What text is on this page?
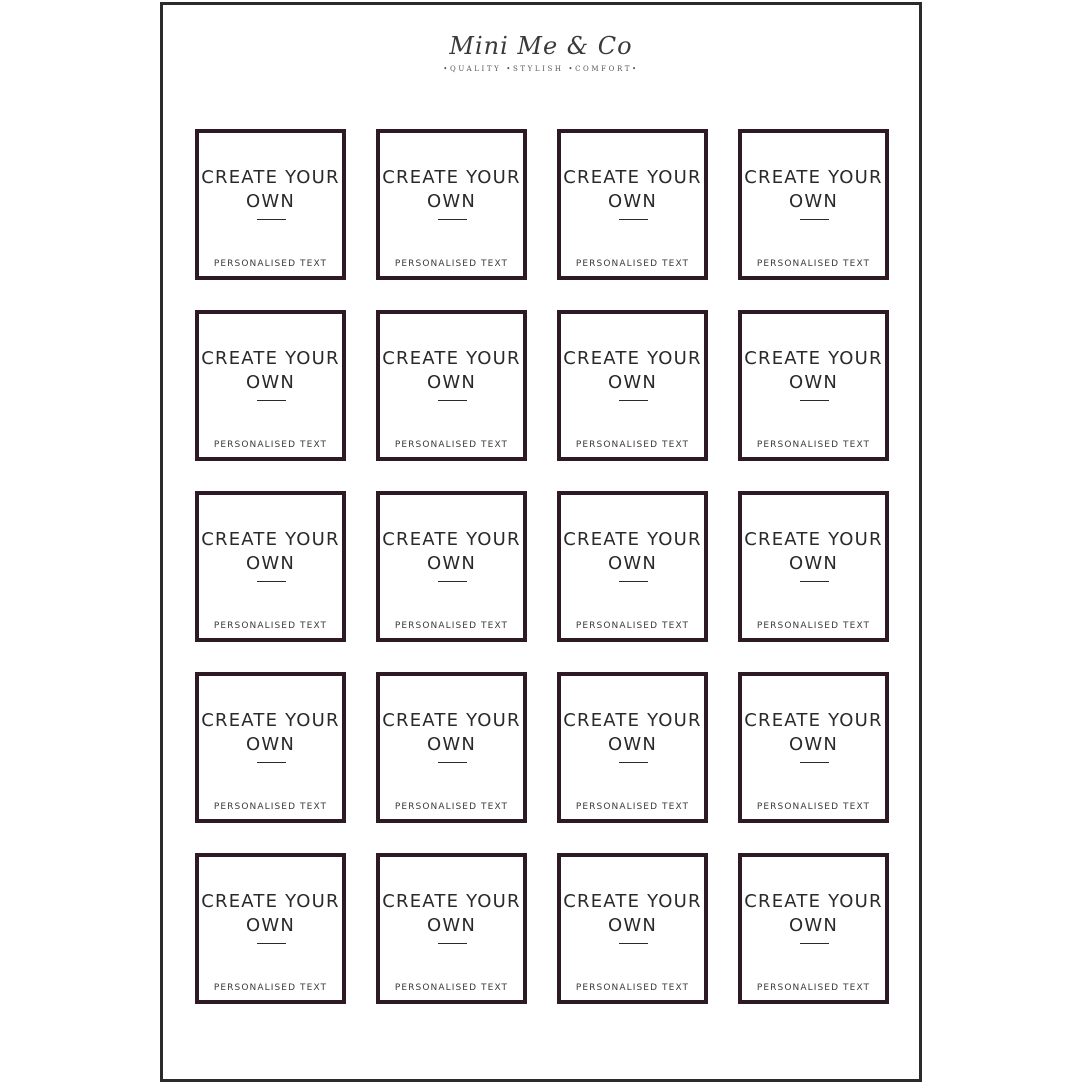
Mini Me & Co
•QUALITY •STYLISH •COMFORT•
CREATE YOUR
OWN
PERSONALISED TEXT
CREATE YOUR
OWN
PERSONALISED TEXT
CREATE YOUR
OWN
PERSONALISED TEXT
CREATE YOUR
OWN
PERSONALISED TEXT
CREATE YOUR
OWN
PERSONALISED TEXT
CREATE YOUR
OWN
PERSONALISED TEXT
CREATE YOUR
OWN
PERSONALISED TEXT
CREATE YOUR
OWN
PERSONALISED TEXT
CREATE YOUR
OWN
PERSONALISED TEXT
CREATE YOUR
OWN
PERSONALISED TEXT
CREATE YOUR
OWN
PERSONALISED TEXT
CREATE YOUR
OWN
PERSONALISED TEXT
CREATE YOUR
OWN
PERSONALISED TEXT
CREATE YOUR
OWN
PERSONALISED TEXT
CREATE YOUR
OWN
PERSONALISED TEXT
CREATE YOUR
OWN
PERSONALISED TEXT
CREATE YOUR
OWN
PERSONALISED TEXT
CREATE YOUR
OWN
PERSONALISED TEXT
CREATE YOUR
OWN
PERSONALISED TEXT
CREATE YOUR
OWN
PERSONALISED TEXT
